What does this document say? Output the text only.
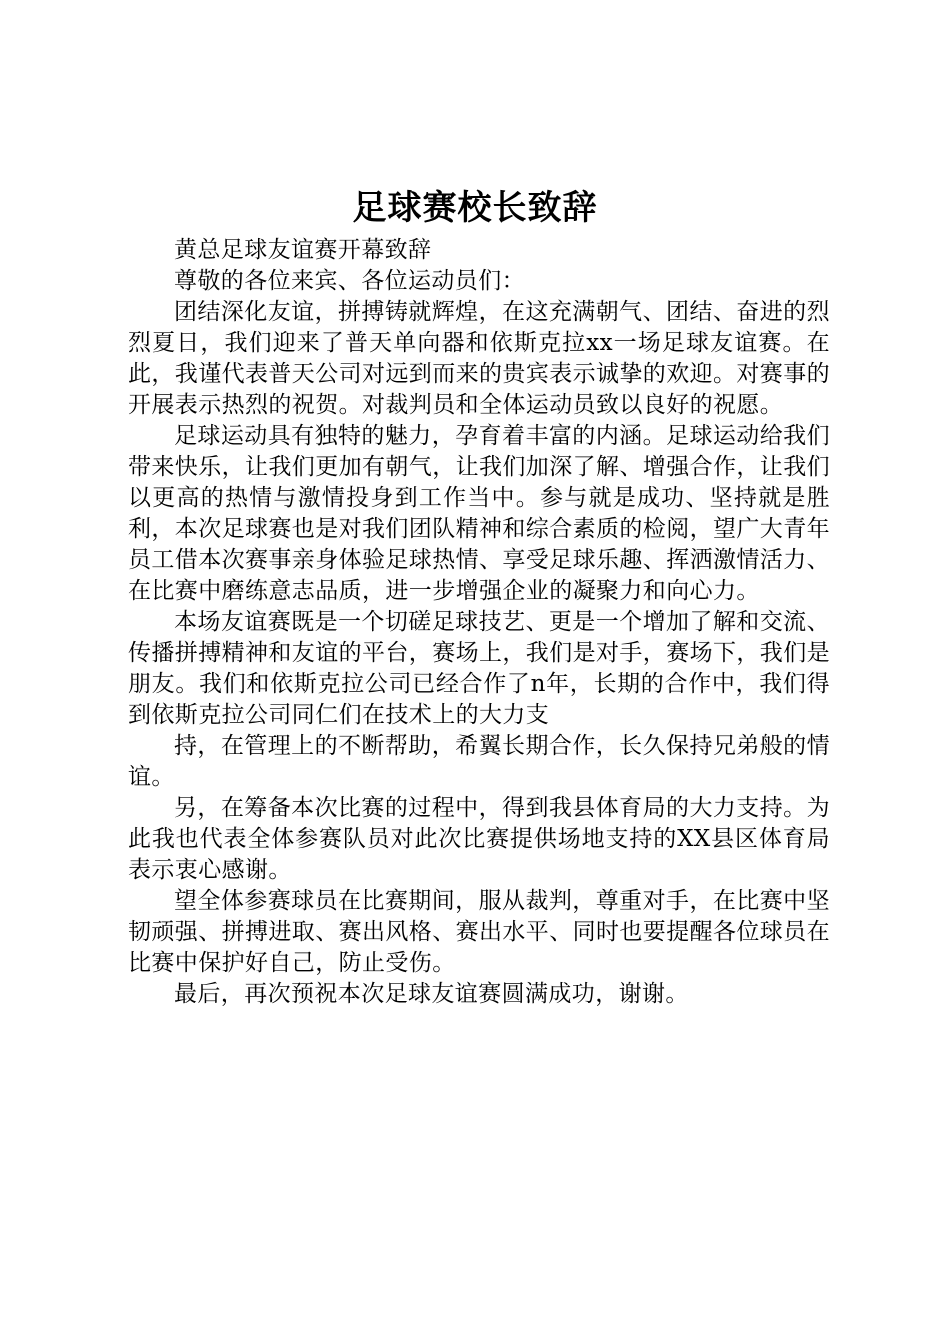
足球赛校长致辞

黄总足球友谊赛开幕致辞

尊敬的各位来宾、各位运动员们：

团结深化友谊，拼搏铸就辉煌，在这充满朝气、团结、奋进的烈烈夏日，我们迎来了普天单向器和依斯克拉xx一场足球友谊赛。在此，我谨代表普天公司对远到而来的贵宾表示诚挚的欢迎。对赛事的开展表示热烈的祝贺。对裁判员和全体运动员致以良好的祝愿。

足球运动具有独特的魅力，孕育着丰富的内涵。足球运动给我们带来快乐，让我们更加有朝气，让我们加深了解、增强合作，让我们以更高的热情与激情投身到工作当中。参与就是成功、坚持就是胜利，本次足球赛也是对我们团队精神和综合素质的检阅，望广大青年员工借本次赛事亲身体验足球热情、享受足球乐趣、挥洒激情活力、在比赛中磨练意志品质，进一步增强企业的凝聚力和向心力。

本场友谊赛既是一个切磋足球技艺、更是一个增加了解和交流、传播拼搏精神和友谊的平台，赛场上，我们是对手，赛场下，我们是朋友。我们和依斯克拉公司已经合作了n年，长期的合作中，我们得到依斯克拉公司同仁们在技术上的大力支

持，在管理上的不断帮助，希翼长期合作，长久保持兄弟般的情谊。

另，在筹备本次比赛的过程中，得到我县体育局的大力支持。为此我也代表全体参赛队员对此次比赛提供场地支持的XX县区体育局表示衷心感谢。

望全体参赛球员在比赛期间，服从裁判，尊重对手，在比赛中坚韧顽强、拼搏进取、赛出风格、赛出水平、同时也要提醒各位球员在比赛中保护好自己，防止受伤。

最后，再次预祝本次足球友谊赛圆满成功，谢谢。
